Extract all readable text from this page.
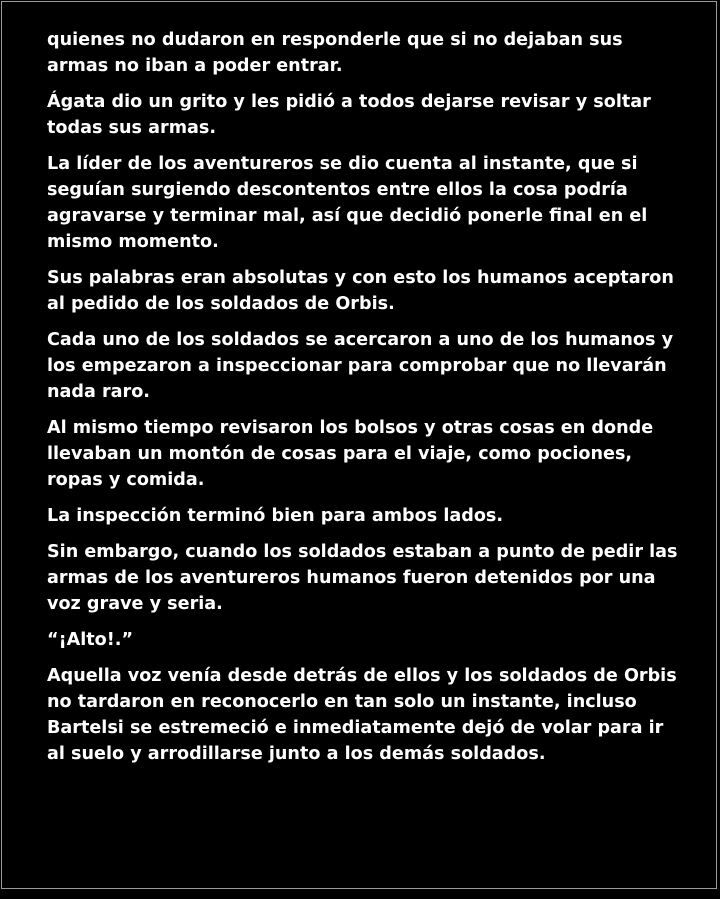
quienes no dudaron en responderle que si no dejaban sus armas no iban a poder entrar.

Ágata dio un grito y les pidió a todos dejarse revisar y soltar todas sus armas.

La líder de los aventureros se dio cuenta al instante, que si seguían surgiendo descontentos entre ellos la cosa podría agravarse y terminar mal, así que decidió ponerle final en el mismo momento.

Sus palabras eran absolutas y con esto los humanos aceptaron al pedido de los soldados de Orbis.

Cada uno de los soldados se acercaron a uno de los humanos y los empezaron a inspeccionar para comprobar que no llevarán nada raro.

Al mismo tiempo revisaron los bolsos y otras cosas en donde llevaban un montón de cosas para el viaje, como pociones, ropas y comida.

La inspección terminó bien para ambos lados.

Sin embargo, cuando los soldados estaban a punto de pedir las armas de los aventureros humanos fueron detenidos por una voz grave y seria.

“¡Alto!.”

Aquella voz venía desde detrás de ellos y los soldados de Orbis no tardaron en reconocerlo en tan solo un instante, incluso Bartelsi se estremeció e inmediatamente dejó de volar para ir al suelo y arrodillarse junto a los demás soldados.
